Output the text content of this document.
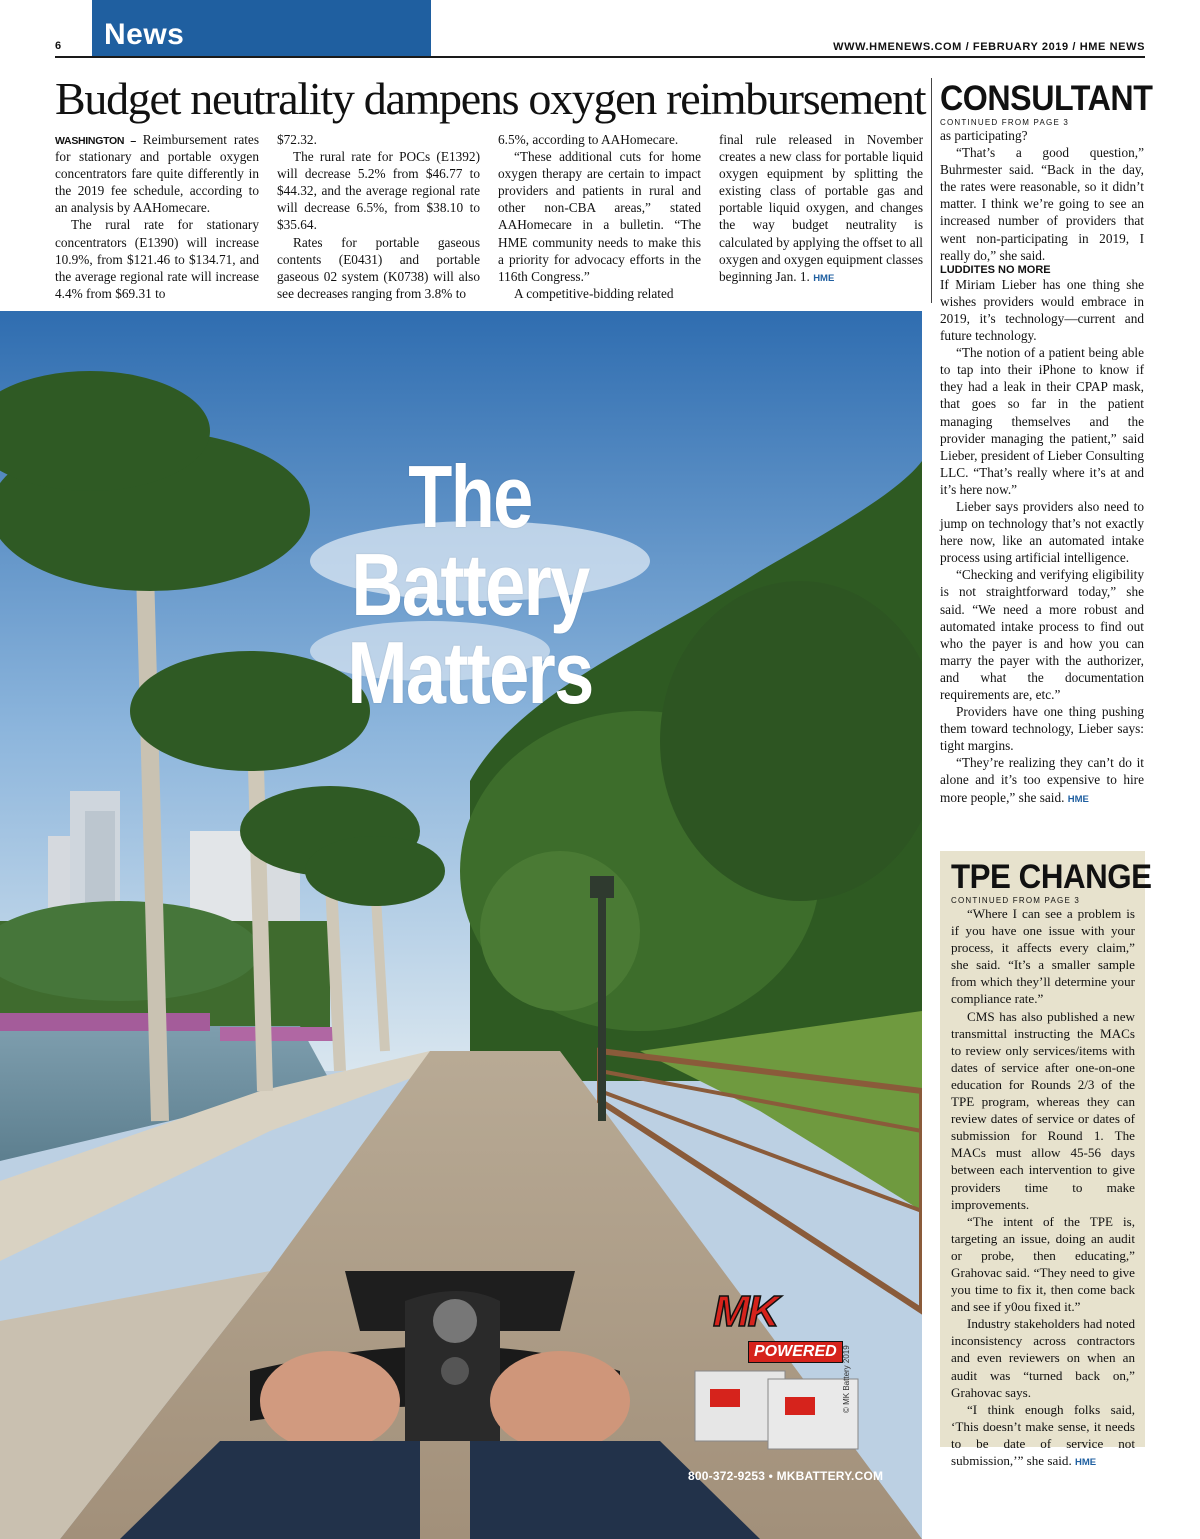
6 News	WWW.HMENEWS.COM / FEBRUARY 2019 / HME NEWS
Budget neutrality dampens oxygen reimbursement

WASHINGTON – Reimbursement rates for stationary and portable oxygen concentrators fare quite differently in the 2019 fee schedule, according to an analysis by AAHomecare.

The rural rate for stationary concentrators (E1390) will increase 10.9%, from $121.46 to $134.71, and the average regional rate will increase 4.4% from $69.31 to

$72.32.

The rural rate for POCs (E1392) will decrease 5.2% from $46.77 to $44.32, and the average regional rate will decrease 6.5%, from $38.10 to $35.64.

Rates for portable gaseous contents (E0431) and portable gaseous 02 system (K0738) will also see decreases ranging from 3.8% to

6.5%, according to AAHomecare.

“These additional cuts for home oxygen therapy are certain to impact providers and patients in rural and other non-CBA areas,” stated AAHomecare in a bulletin. “The HME community needs to make this a priority for advocacy efforts in the 116th Congress.”

A competitive-bidding related

final rule released in November creates a new class for portable liquid oxygen equipment by splitting the existing class of portable gas and portable liquid oxygen, and changes the way budget neutrality is calculated by applying the offset to all oxygen and oxygen equipment classes beginning Jan. 1. HME

CONSULTANT
CONTINUED FROM PAGE 3

as participating?

“That’s a good question,” Buhrmester said. “Back in the day, the rates were reasonable, so it didn’t matter. I think we’re going to see an increased number of providers that went non-participating in 2019, I really do,” she said.

LUDDITES NO MORE

If Miriam Lieber has one thing she wishes providers would embrace in 2019, it’s technology—current and future technology.

“The notion of a patient being able to tap into their iPhone to know if they had a leak in their CPAP mask, that goes so far in the patient managing themselves and the provider managing the patient,” said Lieber, president of Lieber Consulting LLC. “That’s really where it’s at and it’s here now.”

Lieber says providers also need to jump on technology that’s not exactly here now, like an automated intake process using artificial intelligence.

“Checking and verifying eligibility is not straightforward today,” she said. “We need a more robust and automated intake process to find out who the payer is and how you can marry the payer with the authorizer, and what the documentation requirements are, etc.”

Providers have one thing pushing them toward technology, Lieber says: tight margins.

“They’re realizing they can’t do it alone and it’s too expensive to hire more people,” she said. HME

TPE CHANGE
CONTINUED FROM PAGE 3

“Where I can see a problem is if you have one issue with your process, it affects every claim,” she said. “It’s a smaller sample from which they’ll determine your compliance rate.”

CMS has also published a new transmittal instructing the MACs to review only services/items with dates of service after one-on-one education for Rounds 2/3 of the TPE program, whereas they can review dates of service or dates of submission for Round 1. The MACs must allow 45-56 days between each intervention to give providers time to make improvements.

“The intent of the TPE is, targeting an issue, doing an audit or probe, then educating,” Grahovac said. “They need to give you time to fix it, then come back and see if y0ou fixed it.”

Industry stakeholders had noted inconsistency across contractors and even reviewers on when an audit was “turned back on,” Grahovac says.

“I think enough folks said, ‘This doesn’t make sense, it needs to be date of service not submission,’” she said. HME

The
Battery
Matters
MK
POWERED © MK Battery 2019
800-372-9253 • MKBATTERY.COM
